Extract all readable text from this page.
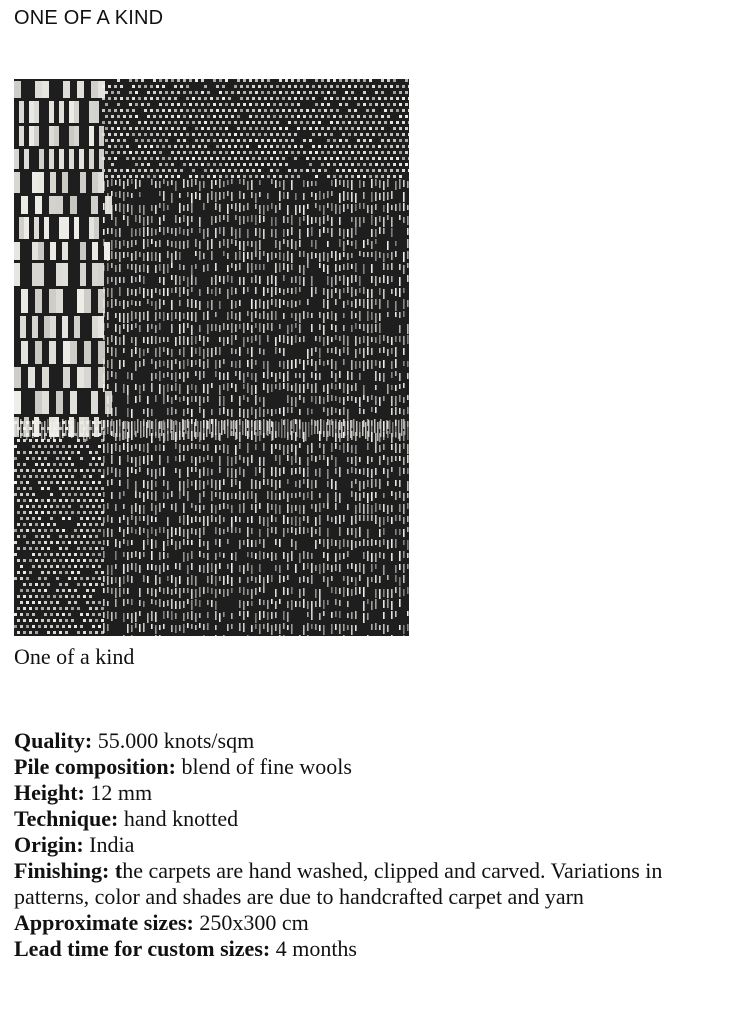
ONE OF A KIND
One of a kind

Quality: 55.000 knots/sqm

Pile composition: blend of fine wools

Height: 12 mm

Technique: hand knotted

Origin: India

Finishing: the carpets are hand washed, clipped and carved. Variations in patterns, color and shades are due to handcrafted carpet and yarn

Approximate sizes: 250x300 cm

Lead time for custom sizes: 4 months
